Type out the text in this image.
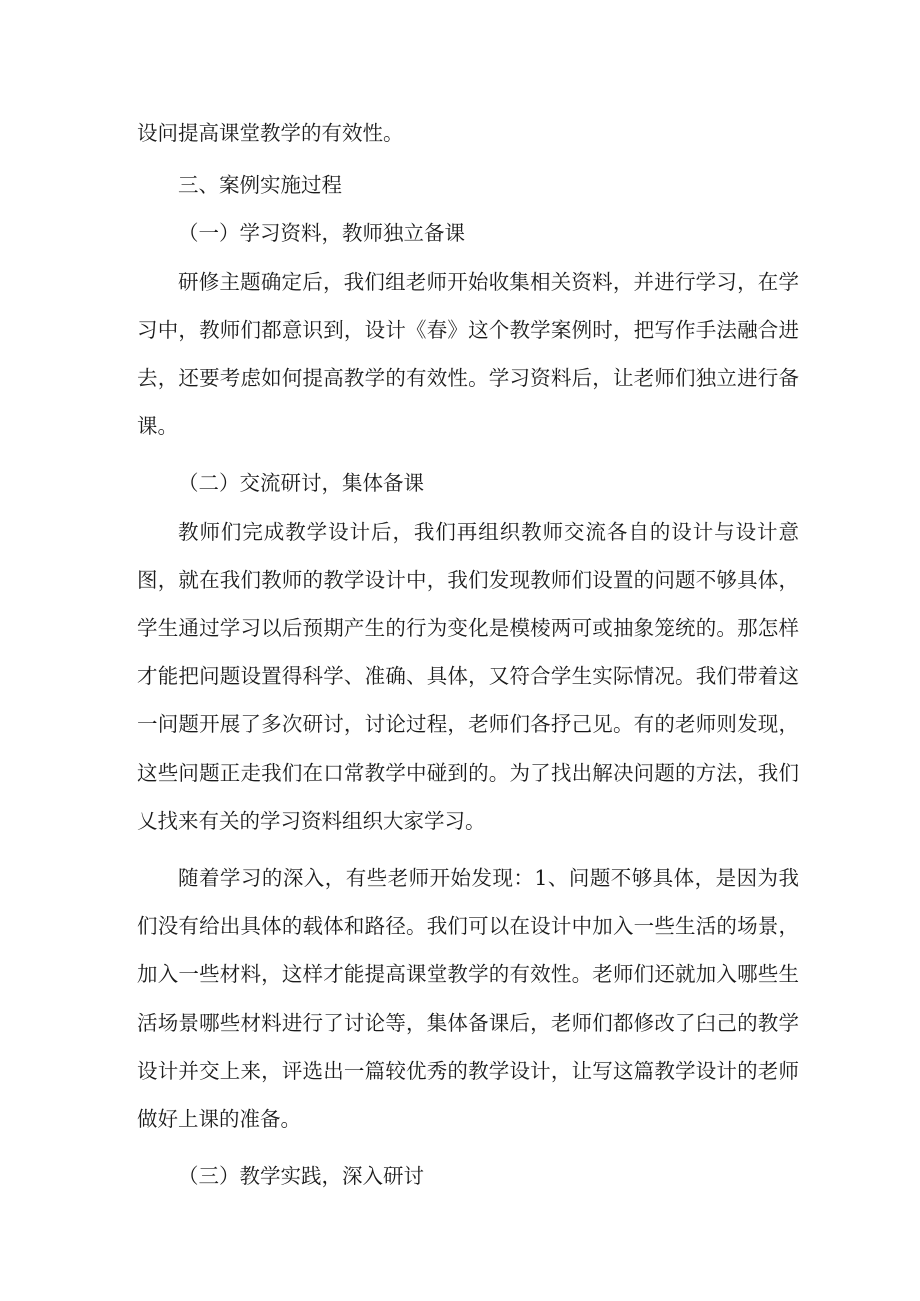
设问提高课堂教学的有效性。

三、案例实施过程

（一）学习资料，教师独立备课

研修主题确定后，我们组老师开始收集相关资料，并进行学习，在学习中，教师们都意识到，设计《春》这个教学案例时，把写作手法融合进去，还要考虑如何提高教学的有效性。学习资料后，让老师们独立进行备课。

（二）交流研讨，集体备课

教师们完成教学设计后，我们再组织教师交流各自的设计与设计意图，就在我们教师的教学设计中，我们发现教师们设置的问题不够具体，学生通过学习以后预期产生的行为变化是模棱两可或抽象笼统的。那怎样才能把问题设置得科学、准确、具体，又符合学生实际情况。我们带着这一问题开展了多次研讨，讨论过程，老师们各抒己见。有的老师则发现，这些问题正走我们在口常教学中碰到的。为了找出解决问题的方法，我们乂找来有关的学习资料组织大家学习。

随着学习的深入，有些老师开始发现：1、问题不够具体，是因为我们没有给出具体的载体和路径。我们可以在设计中加入一些生活的场景，加入一些材料，这样才能提高课堂教学的有效性。老师们还就加入哪些生活场景哪些材料进行了讨论等，集体备课后，老师们都修改了臼己的教学设计并交上来，评选出一篇较优秀的教学设计，让写这篇教学设计的老师做好上课的准备。

（三）教学实践，深入研讨
